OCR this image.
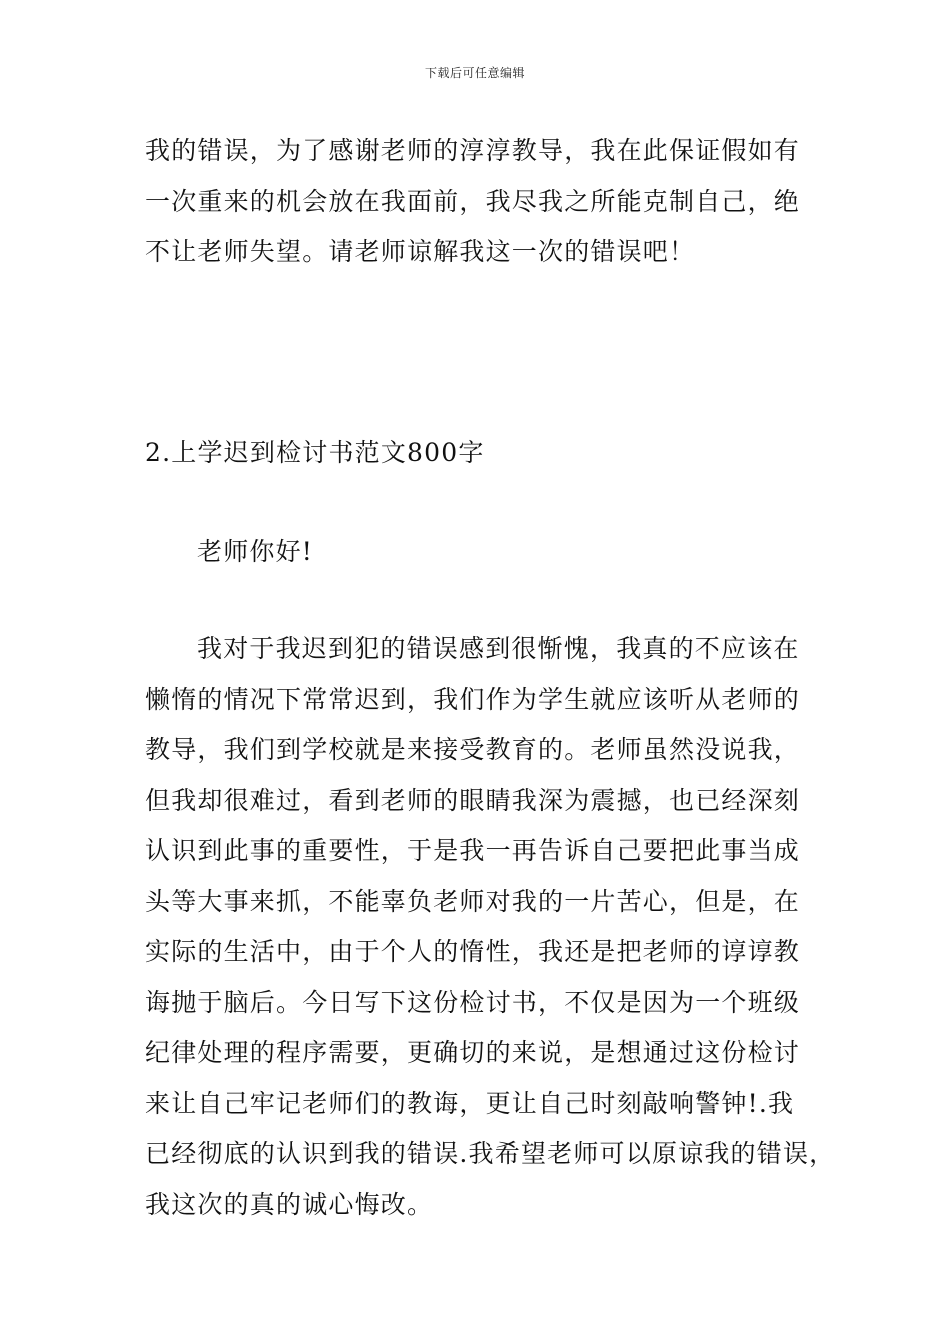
下载后可任意编辑
我的错误，为了感谢老师的淳淳教导，我在此保证假如有
一次重来的机会放在我面前，我尽我之所能克制自己，绝
不让老师失望。请老师谅解我这一次的错误吧！
2.上学迟到检讨书范文800字
老师你好!
我对于我迟到犯的错误感到很惭愧，我真的不应该在
懒惰的情况下常常迟到，我们作为学生就应该听从老师的
教导，我们到学校就是来接受教育的。老师虽然没说我，
但我却很难过，看到老师的眼睛我深为震撼，也已经深刻
认识到此事的重要性，于是我一再告诉自己要把此事当成
头等大事来抓，不能辜负老师对我的一片苦心，但是，在
实际的生活中，由于个人的惰性，我还是把老师的谆谆教
诲抛于脑后。今日写下这份检讨书，不仅是因为一个班级
纪律处理的程序需要，更确切的来说，是想通过这份检讨
来让自己牢记老师们的教诲，更让自己时刻敲响警钟!.我
已经彻底的认识到我的错误.我希望老师可以原谅我的错误，
我这次的真的诚心悔改。
